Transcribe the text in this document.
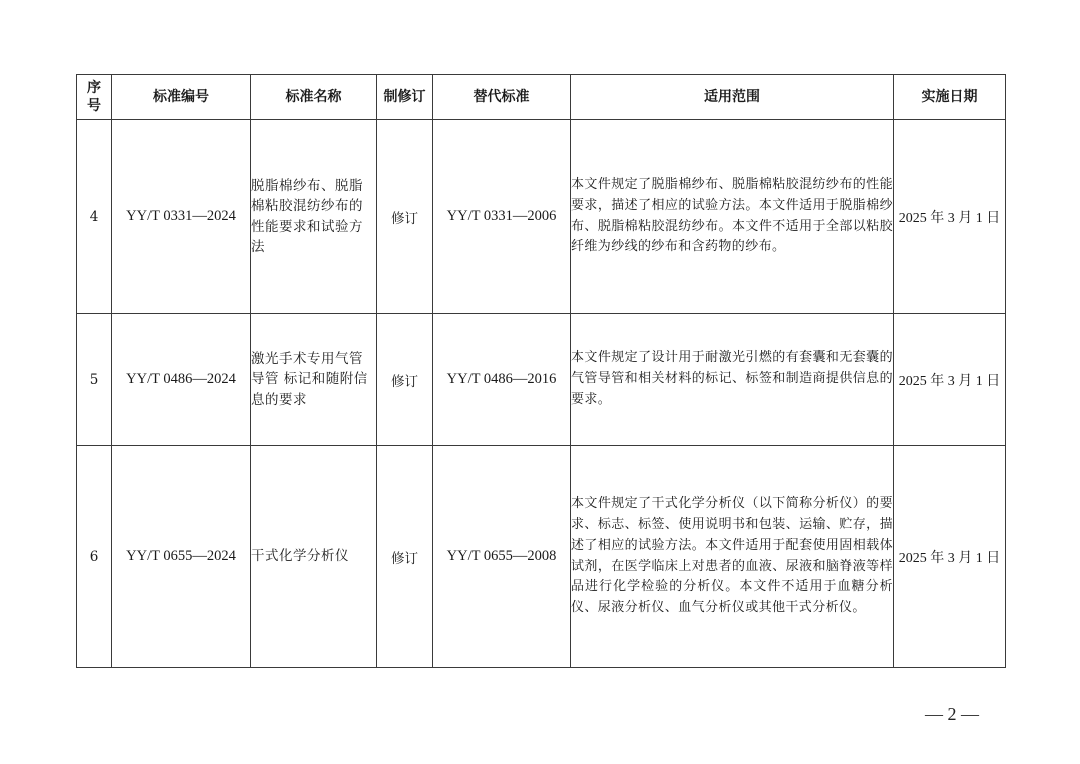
序号	标准编号	标准名称	制修订	替代标准	适用范围	实施日期
4	YY/T 0331—2024	脱脂棉纱布、脱脂棉粘胶混纺纱布的性能要求和试验方法	修订	YY/T 0331—2006	本文件规定了脱脂棉纱布、脱脂棉粘胶混纺纱布的性能要求，描述了相应的试验方法。本文件适用于脱脂棉纱布、脱脂棉粘胶混纺纱布。本文件不适用于全部以粘胶纤维为纱线的纱布和含药物的纱布。	2025 年 3 月 1 日
5	YY/T 0486—2024	激光手术专用气管导管 标记和随附信息的要求	修订	YY/T 0486—2016	本文件规定了设计用于耐激光引燃的有套囊和无套囊的气管导管和相关材料的标记、标签和制造商提供信息的要求。	2025 年 3 月 1 日
6	YY/T 0655—2024	干式化学分析仪	修订	YY/T 0655—2008	本文件规定了干式化学分析仪（以下简称分析仪）的要求、标志、标签、使用说明书和包装、运输、贮存，描述了相应的试验方法。本文件适用于配套使用固相载体试剂，在医学临床上对患者的血液、尿液和脑脊液等样品进行化学检验的分析仪。本文件不适用于血糖分析仪、尿液分析仪、血气分析仪或其他干式分析仪。	2025 年 3 月 1 日
— 2 —
